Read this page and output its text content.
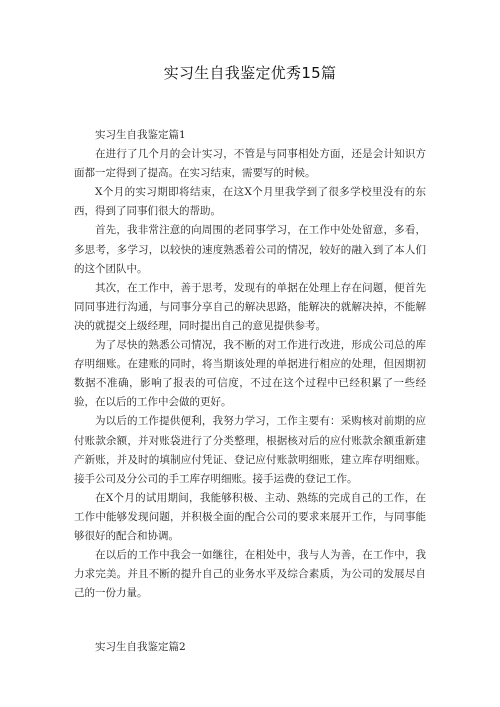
实习生自我鉴定优秀15篇

实习生自我鉴定篇1

在进行了几个月的会计实习，不管是与同事相处方面，还是会计知识方面都一定得到了提高。在实习结束，需要写的时候。

X个月的实习期即将结束，在这X个月里我学到了很多学校里没有的东西，得到了同事们很大的帮助。

首先，我非常注意的向周围的老同事学习，在工作中处处留意，多看，多思考，多学习，以较快的速度熟悉着公司的情况，较好的融入到了本人们的这个团队中。

其次，在工作中，善于思考，发现有的单据在处理上存在问题，便首先同同事进行沟通，与同事分享自己的解决思路，能解决的就解决掉，不能解决的就提交上级经理，同时提出自己的意见提供参考。

为了尽快的熟悉公司情况，我不断的对工作进行改进，形成公司总的库存明细账。在建账的同时，将当期该处理的单据进行相应的处理，但因期初数据不准确，影响了报表的可信度，不过在这个过程中已经积累了一些经验，在以后的工作中会做的更好。

为以后的工作提供便利，我努力学习，工作主要有：采购核对前期的应付账款余额，并对账袋进行了分类整理，根据核对后的应付账款余额重新建产新账，并及时的填制应付凭证、登记应付账款明细账，建立库存明细账。接手公司及分公司的手工库存明细账。接手运费的登记工作。

在X个月的试用期间，我能够积极、主动、熟练的完成自己的工作，在工作中能够发现问题，并积极全面的配合公司的要求来展开工作，与同事能够很好的配合和协调。

在以后的工作中我会一如继往，在相处中，我与人为善，在工作中，我力求完美。并且不断的提升自己的业务水平及综合素质，为公司的发展尽自己的一份力量。

实习生自我鉴定篇2
